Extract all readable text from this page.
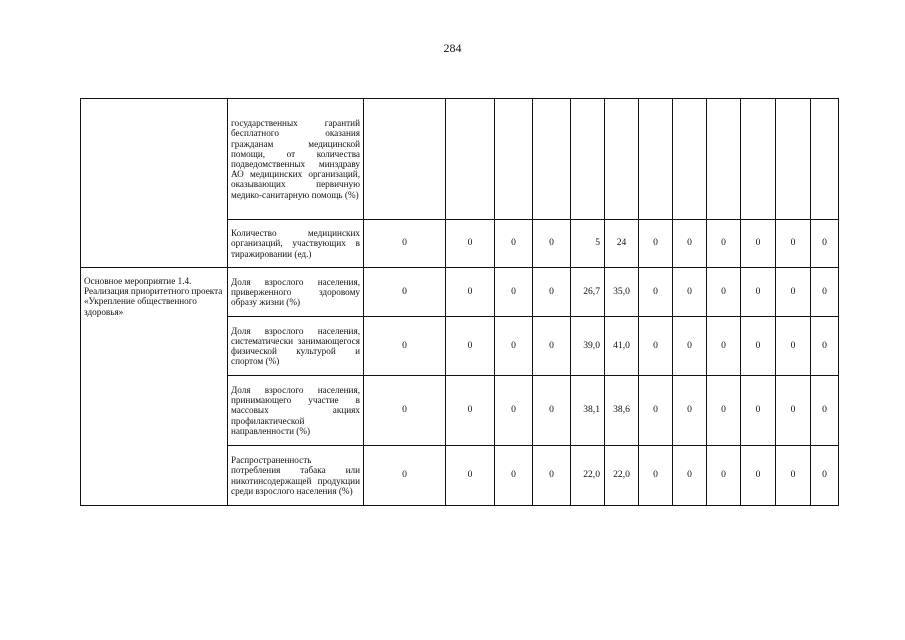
284
	государственных гарантий бесплатного оказания гражданам медицинской помощи, от количества подведомственных минздраву АО медицинских организаций, оказывающих первичную медико-санитарную помощь (%)												
	Количество медицинских организаций, участвующих в тиражировании (ед.)	0	0	0	0	5	24	0	0	0	0	0	0
Основное мероприятие 1.4. Реализация приоритетного проекта «Укрепление общественного здоровья»	Доля взрослого населения, приверженного здоровому образу жизни (%)	0	0	0	0	26,7	35,0	0	0	0	0	0	0
	Доля взрослого населения, систематически занимающегося физической культурой и спортом (%)	0	0	0	0	39,0	41,0	0	0	0	0	0	0
	Доля взрослого населения, принимающего участие в массовых акциях профилактической направленности (%)	0	0	0	0	38,1	38,6	0	0	0	0	0	0
	Распространенность потребления табака или никотинсодержащей продукции среди взрослого населения (%)	0	0	0	0	22,0	22,0	0	0	0	0	0	0
